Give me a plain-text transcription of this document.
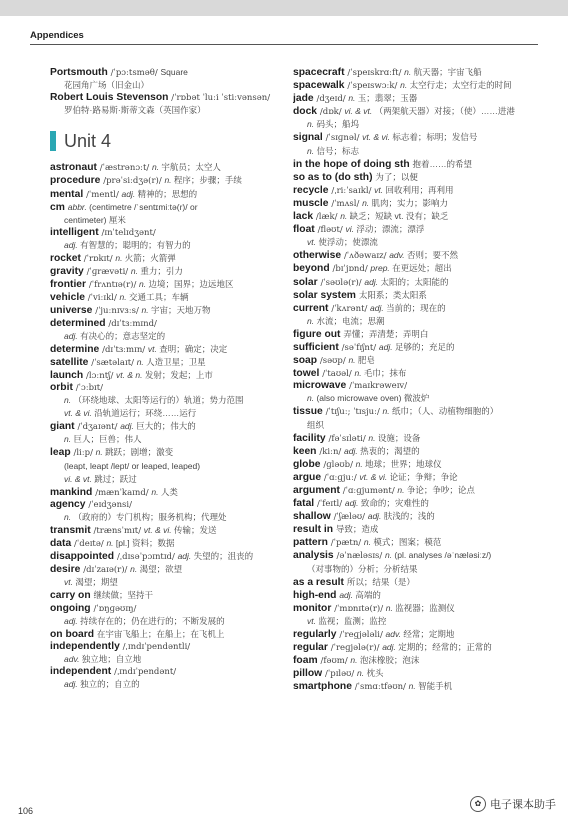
Appendices
Portsmouth /ˈpɔːtsməθ/ Square
花园角广场（旧金山）
Robert Louis Stevenson /ˈrɒbət ˈluːi ˈstiːvənsən/
罗伯特·路易斯·斯蒂文森（英国作家）
Unit 4
astronaut /ˈæstrənɔːt/ n. 宇航员；太空人
procedure /prəˈsiːdʒə(r)/ n. 程序；步骤；手续
mental /ˈmentl/ adj. 精神的；思想的
cm abbr. (centimetre /ˈsentɪmiːtə(r)/ or
centimeter) 厘米
intelligent /ɪnˈtelɪdʒənt/
adj. 有智慧的；聪明的；有智力的
rocket /ˈrɒkɪt/ n. 火箭；火箭弹
gravity /ˈɡrævəti/ n. 重力；引力
frontier /ˈfrʌntɪə(r)/ n. 边境；国界；边远地区
vehicle /ˈviːɪkl/ n. 交通工具；车辆
universe /ˈjuːnɪvɜːs/ n. 宇宙；天地万物
determined /dɪˈtɜːmɪnd/
adj. 有决心的；意志坚定的
determine /dɪˈtɜːmɪn/ vt. 查明；确定；决定
satellite /ˈsætəlaɪt/ n. 人造卫星；卫星
launch /lɔːntʃ/ vt. & n. 发射；发起；上市
orbit /ˈɔːbɪt/
n. （环绕地球、太阳等运行的）轨道；势力范围
vt. & vi. 沿轨道运行；环绕……运行
giant /ˈdʒaɪənt/ adj. 巨大的；伟大的
n. 巨人；巨兽；伟人
leap /liːp/ n. 跳跃；剧增；激变
(leapt, leapt /lept/ or leaped, leaped)
vi. & vt. 跳过；跃过
mankind /mænˈkaɪnd/ n. 人类
agency /ˈeɪdʒənsi/
n. （政府的）专门机构；服务机构；代理处
transmit /trænsˈmɪt/ vt. & vi. 传输；发送
data /ˈdeɪtə/ n. [pl.] 资料；数据
disappointed /ˌdɪsəˈpɔɪntɪd/ adj. 失望的；沮丧的
desire /dɪˈzaɪə(r)/ n. 渴望；欲望
vt. 渴望；期望
carry on 继续做；坚持干
ongoing /ˈɒŋɡəʊɪŋ/
adj. 持续存在的；仍在进行的；不断发展的
on board 在宇宙飞船上；在船上；在飞机上
independently /ˌɪndɪˈpendəntli/
adv. 独立地；自立地
independent /ˌɪndɪˈpendənt/
adj. 独立的；自立的
spacecraft /ˈspeɪskrɑːft/ n. 航天器；宇宙飞船
spacewalk /ˈspeɪswɔːk/ n. 太空行走；太空行走的时间
jade /dʒeɪd/ n. 玉；翡翠；玉器
dock /dɒk/ vi. & vt. （两架航天器）对接；（使）……进港
n. 码头；船坞
signal /ˈsɪɡnəl/ vt. & vi. 标志着；标明；发信号
n. 信号；标志
in the hope of doing sth 抱着……的希望
so as to (do sth) 为了；以便
recycle /ˌriːˈsaɪkl/ vt. 回收利用；再利用
muscle /ˈmʌsl/ n. 肌肉；实力；影响力
lack /læk/ n. 缺乏；短缺 vt. 没有；缺乏
float /fləʊt/ vi. 浮动；漂流；漂浮
vt. 使浮动；使漂流
otherwise /ˈʌðəwaɪz/ adv. 否则；要不然
beyond /bɪˈjɒnd/ prep. 在更远处；超出
solar /ˈsəʊlə(r)/ adj. 太阳的；太阳能的
solar system 太阳系；类太阳系
current /ˈkʌrənt/ adj. 当前的；现在的
n. 水流；电流；思潮
figure out 弄懂；弄清楚；弄明白
sufficient /səˈfɪʃnt/ adj. 足够的；充足的
soap /səʊp/ n. 肥皂
towel /ˈtaʊəl/ n. 毛巾；抹布
microwave /ˈmaɪkrəweɪv/
n. (also microwave oven) 微波炉
tissue /ˈtɪʃuː; ˈtɪsjuː/ n. 纸巾；（人、动植物细胞的）
组织
facility /fəˈsɪləti/ n. 设施；设备
keen /kiːn/ adj. 热衷的；渴望的
globe /ɡləʊb/ n. 地球；世界；地球仪
argue /ˈɑːɡjuː/ vt. & vi. 论证；争辩；争论
argument /ˈɑːɡjumənt/ n. 争论；争吵；论点
fatal /ˈfeɪtl/ adj. 致命的；灾难性的
shallow /ˈʃæləʊ/ adj. 肤浅的；浅的
result in 导致；造成
pattern /ˈpætn/ n. 模式；图案；模范
analysis /əˈnæləsɪs/ n. (pl. analyses /əˈnæləsiːz/)
（对事物的）分析；分析结果
as a result 所以；结果（是）
high-end adj. 高端的
monitor /ˈmɒnɪtə(r)/ n. 监视器；监测仪
vt. 监视；监测；监控
regularly /ˈreɡjələli/ adv. 经常；定期地
regular /ˈreɡjələ(r)/ adj. 定期的；经常的；正常的
foam /fəʊm/ n. 泡沫橡胶；泡沫
pillow /ˈpɪləʊ/ n. 枕头
smartphone /ˈsmɑːtfəʊn/ n. 智能手机
106
✿ 电子课本助手
